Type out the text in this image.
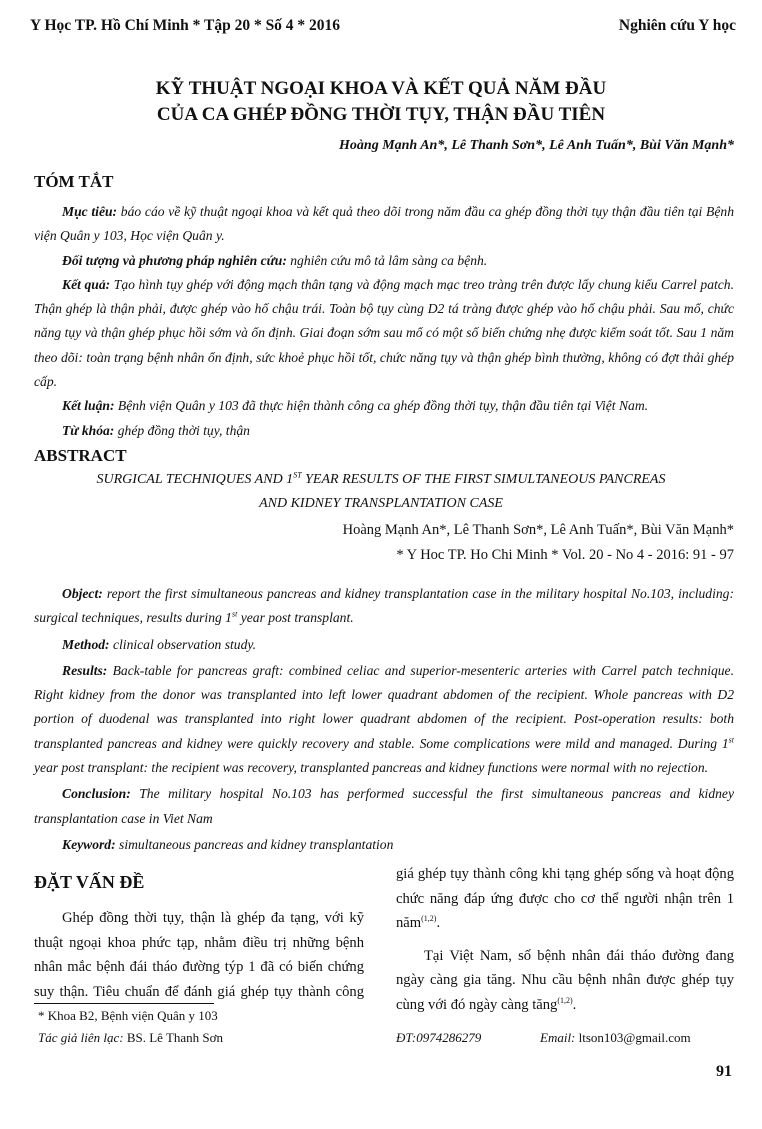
Y Học TP. Hồ Chí Minh * Tập 20 * Số 4 * 2016	Nghiên cứu Y học
KỸ THUẬT NGOẠI KHOA VÀ KẾT QUẢ NĂM ĐẦU
CỦA CA GHÉP ĐỒNG THỜI TỤY, THẬN ĐẦU TIÊN
Hoàng Mạnh An*, Lê Thanh Sơn*, Lê Anh Tuấn*, Bùi Văn Mạnh*
TÓM TẮT
Mục tiêu: báo cáo về kỹ thuật ngoại khoa và kết quả theo dõi trong năm đầu ca ghép đồng thời tụy thận đầu tiên tại Bệnh viện Quân y 103, Học viện Quân y.
Đối tượng và phương pháp nghiên cứu: nghiên cứu mô tả lâm sàng ca bệnh.
Kết quả: Tạo hình tụy ghép với động mạch thân tạng và động mạch mạc treo tràng trên được lấy chung kiểu Carrel patch. Thận ghép là thận phải, được ghép vào hố chậu trái. Toàn bộ tụy cùng D2 tá tràng được ghép vào hố chậu phải. Sau mổ, chức năng tụy và thận ghép phục hồi sớm và ổn định. Giai đoạn sớm sau mổ có một số biến chứng nhẹ được kiểm soát tốt. Sau 1 năm theo dõi: toàn trạng bệnh nhân ổn định, sức khoẻ phục hồi tốt, chức năng tụy và thận ghép bình thường, không có đợt thải ghép cấp.
Kết luận: Bệnh viện Quân y 103 đã thực hiện thành công ca ghép đồng thời tụy, thận đầu tiên tại Việt Nam.
Từ khóa: ghép đồng thời tụy, thận
ABSTRACT
SURGICAL TECHNIQUES AND 1ST YEAR RESULTS OF THE FIRST SIMULTANEOUS PANCREAS
AND KIDNEY TRANSPLANTATION CASE
Hoàng Mạnh An*, Lê Thanh Sơn*, Lê Anh Tuấn*, Bùi Văn Mạnh*
* Y Hoc TP. Ho Chi Minh * Vol. 20 - No 4 - 2016: 91 - 97
Object: report the first simultaneous pancreas and kidney transplantation case in the military hospital No.103, including: surgical techniques, results during 1st year post transplant.
Method: clinical observation study.
Results: Back-table for pancreas graft: combined celiac and superior-mesenteric arteries with Carrel patch technique. Right kidney from the donor was transplanted into left lower quadrant abdomen of the recipient. Whole pancreas with D2 portion of duodenal was transplanted into right lower quadrant abdomen of the recipient. Post-operation results: both transplanted pancreas and kidney were quickly recovery and stable. Some complications were mild and managed. During 1st year post transplant: the recipient was recovery, transplanted pancreas and kidney functions were normal with no rejection.
Conclusion: The military hospital No.103 has performed successful the first simultaneous pancreas and kidney transplantation case in Viet Nam
Keyword: simultaneous pancreas and kidney transplantation
ĐẶT VẤN ĐỀ
Ghép đồng thời tụy, thận là ghép đa tạng, với kỹ thuật ngoại khoa phức tạp, nhằm điều trị những bệnh nhân mắc bệnh đái tháo đường týp 1 đã có biến chứng suy thận. Tiêu chuẩn để đánh giá ghép tụy thành công
giá ghép tụy thành công khi tạng ghép sống và hoạt động chức năng đáp ứng được cho cơ thể người nhận trên 1 năm$^{(1,2)}$.
Tại Việt Nam, số bệnh nhân đái tháo đường đang ngày càng gia tăng. Nhu cầu bệnh nhân được ghép tụy cùng với đó ngày càng tăng$^{(1,2)}$.
* Khoa B2, Bệnh viện Quân y 103
Tác giả liên lạc: BS. Lê Thanh Sơn	ĐT:0974286279	Email: ltson103@gmail.com
91
